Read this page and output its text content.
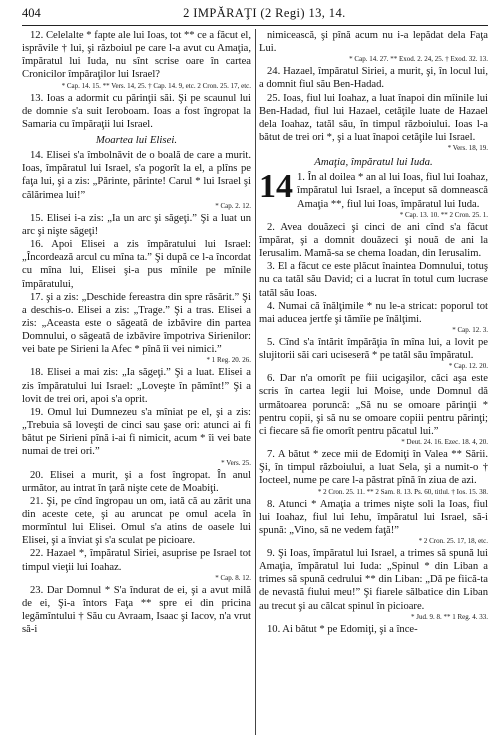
404	2 IMPĂRAŢI (2 Regi) 13, 14.

12. Celelalte * fapte ale lui Ioas, tot ** ce a făcut el, isprăvile † lui, şi războiul pe care l-a avut cu Amaţia, împăratul lui Iuda, nu sînt scrise oare în cartea Cronicilor împăraţilor lui Israel?

* Cap. 14. 15. ** Vers. 14, 25. † Cap. 14. 9, etc. 2 Cron. 25. 17, etc.

13. Ioas a adormit cu părinţii săi. Şi pe scaunul lui de domnie s'a suit Ieroboam. Ioas a fost îngropat la Samaria cu împăraţii lui Israel.

Moartea lui Elisei.

14. Elisei s'a îmbolnăvit de o boală de care a murit. Ioas, împăratul lui Israel, s'a pogorît la el, a plîns pe faţa lui, şi a zis: „Părinte, părinte! Carul * lui Israel şi călărimea lui!”

* Cap. 2. 12.

15. Elisei i-a zis: „Ia un arc şi săgeţi.” Şi a luat un arc şi nişte săgeţi!

16. Apoi Elisei a zis împăratului lui Israel: „Încordează arcul cu mîna ta.” Şi după ce l-a încordat cu mîna lui, Elisei şi-a pus mînile pe mînile împăratului,

17. şi a zis: „Deschide fereastra din spre răsărit.” Şi a deschis-o. Elisei a zis: „Trage.” Şi a tras. Elisei a zis: „Aceasta este o săgeată de izbăvire din partea Domnului, o săgeată de izbăvire împotriva Sirienilor: vei bate pe Sirieni la Afec * pînă îi vei nimici.”

* 1 Reg. 20. 26.

18. Elisei a mai zis: „Ia săgeţi.” Şi a luat. Elisei a zis împăratului lui Israel: „Loveşte în pămînt!” Şi a lovit de trei ori, apoi s'a oprit.

19. Omul lui Dumnezeu s'a mîniat pe el, şi a zis: „Trebuia să loveşti de cinci sau şase ori: atunci ai fi bătut pe Sirieni pînă i-ai fi nimicit, acum * îi vei bate numai de trei ori.”

* Vers. 25.

20. Elisei a murit, şi a fost îngropat. În anul următor, au intrat în ţară nişte cete de Moabiţi.

21. Şi, pe cînd îngropau un om, iată că au zărit una din aceste cete, şi au aruncat pe omul acela în mormîntul lui Elisei. Omul s'a atins de oasele lui Elisei, şi a înviat şi s'a sculat pe picioare.

22. Hazael *, împăratul Siriei, asuprise pe Israel tot timpul vieţii lui Ioahaz.

* Cap. 8. 12.

23. Dar Domnul * S'a îndurat de ei, şi a avut milă de ei, Şi-a întors Faţa ** spre ei din pricina legămîntului † Său cu Avraam, Isaac şi Iacov, n'a vrut să-i

nimicească, şi pînă acum nu i-a lepădat dela Faţa Lui.

* Cap. 14. 27. ** Exod. 2. 24, 25. † Exod. 32. 13.

24. Hazael, împăratul Siriei, a murit, şi, în locul lui, a domnit fiul său Ben-Hadad.

25. Ioas, fiul lui Ioahaz, a luat înapoi din mîinile lui Ben-Hadad, fiul lui Hazael, cetăţile luate de Hazael dela Ioahaz, tatăl său, în timpul războiului. Ioas l-a bătut de trei ori *, şi a luat înapoi cetăţile lui Israel.

* Vers. 18, 19.
Amaţia, împăratul lui Iuda.
14 1. În al doilea * an al lui Ioas, fiul lui Ioahaz, împăratul lui Israel, a început să domnească Amaţia **, fiul lui Ioas, împăratul lui Iuda.

* Cap. 13. 10. ** 2 Cron. 25. 1.

2. Avea douăzeci şi cinci de ani cînd s'a făcut împărat, şi a domnit douăzeci şi nouă de ani la Ierusalim. Mamă-sa se chema Ioadan, din Ierusalim.

3. El a făcut ce este plăcut înaintea Domnului, totuş nu ca tatăl său David; ci a lucrat în totul cum lucrase tatăl său Ioas.

4. Numai că înălţimile * nu le-a stricat: poporul tot mai aducea jertfe şi tămîie pe înălţimi.

* Cap. 12. 3.

5. Cînd s'a întărit împărăţia în mîna lui, a lovit pe slujitorii săi cari uciseseră * pe tatăl său împăratul.

* Cap. 12. 20.

6. Dar n'a omorît pe fiii ucigaşilor, căci aşa este scris în cartea legii lui Moise, unde Domnul dă următoarea poruncă: „Să nu se omoare părinţii * pentru copii, şi să nu se omoare copiii pentru părinţi; ci fiecare să fie omorît pentru păcatul lui.”

* Deut. 24. 16. Ezec. 18. 4, 20.

7. A bătut * zece mii de Edomiţi în Valea ** Sării. Şi, în timpul războiului, a luat Sela, şi a numit-o † Iocteel, nume pe care l-a păstrat pînă în ziua de azi.

* 2 Cron. 25. 11. ** 2 Sam. 8. 13. Ps. 60, titlul. † Ios. 15. 38.

8. Atunci * Amaţia a trimes nişte soli la Ioas, fiul lui Ioahaz, fiul lui Iehu, împăratul lui Israel, să-i spună: „Vino, să ne vedem faţă!”

* 2 Cron. 25. 17, 18, etc.

9. Şi Ioas, împăratul lui Israel, a trimes să spună lui Amaţia, împăratul lui Iuda: „Spinul * din Liban a trimes să spună cedrului ** din Liban: „Dă pe fiică-ta de nevastă fiului meu!” Şi fiarele sălbatice din Liban au trecut şi au călcat spinul în picioare.

* Jud. 9. 8. ** 1 Reg. 4. 33.

10. Ai bătut * pe Edomiţi, şi a înce-
